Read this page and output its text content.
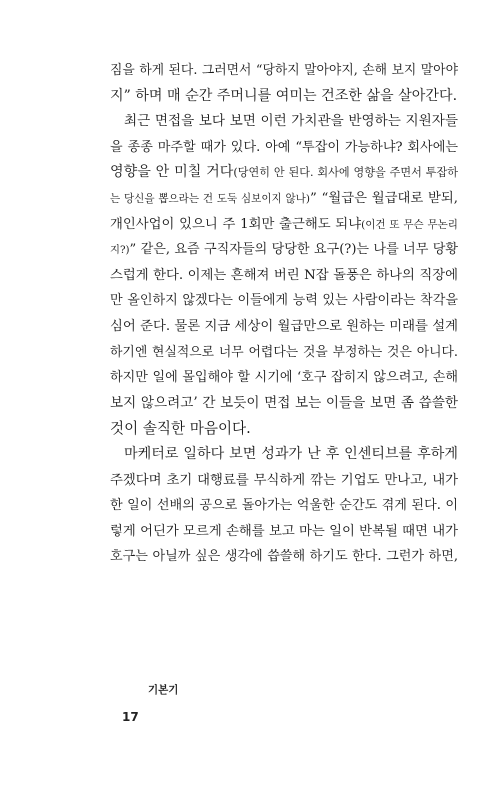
짐을 하게 된다. 그러면서 “당하지 말아야지, 손해 보지 말아야
지” 하며 매 순간 주머니를 여미는 건조한 삶을 살아간다.
최근 면접을 보다 보면 이런 가치관을 반영하는 지원자들
을 종종 마주할 때가 있다. 아예 “투잡이 가능하냐? 회사에는
영향을 안 미칠 거다(당연히 안 된다. 회사에 영향을 주면서 투잡하
는 당신을 뽑으라는 건 도둑 심보이지 않나)” “월급은 월급대로 받되,
개인사업이 있으니 주 1회만 출근해도 되냐(이건 또 무슨 무논리
지?)” 같은, 요즘 구직자들의 당당한 요구(?)는 나를 너무 당황
스럽게 한다. 이제는 흔해져 버린 N잡 돌풍은 하나의 직장에
만 올인하지 않겠다는 이들에게 능력 있는 사람이라는 착각을
심어 준다. 물론 지금 세상이 월급만으로 원하는 미래를 설계
하기엔 현실적으로 너무 어렵다는 것을 부정하는 것은 아니다.
하지만 일에 몰입해야 할 시기에 ‘호구 잡히지 않으려고, 손해
보지 않으려고’ 간 보듯이 면접 보는 이들을 보면 좀 씁쓸한
것이 솔직한 마음이다.
마케터로 일하다 보면 성과가 난 후 인센티브를 후하게
주겠다며 초기 대행료를 무식하게 깎는 기업도 만나고, 내가
한 일이 선배의 공으로 돌아가는 억울한 순간도 겪게 된다. 이
렇게 어딘가 모르게 손해를 보고 마는 일이 반복될 때면 내가
호구는 아닐까 싶은 생각에 씁쓸해 하기도 한다. 그런가 하면,
기본기
17
